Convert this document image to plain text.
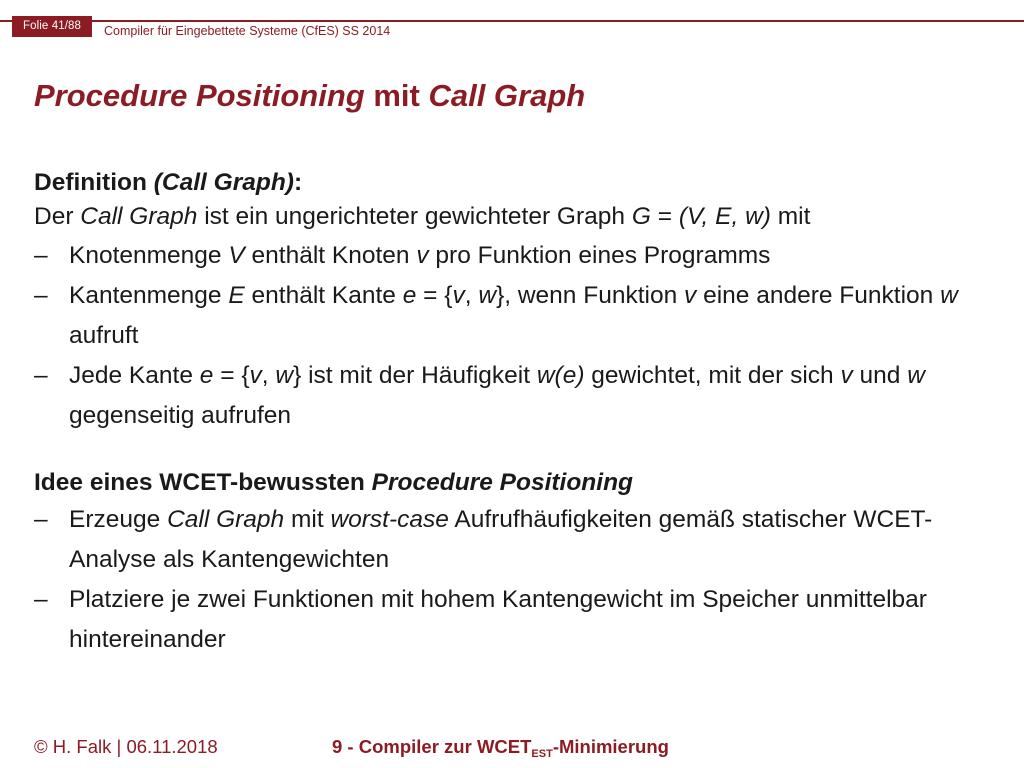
Folie 41/88	Compiler für Eingebettete Systeme (CfES) SS 2014
Procedure Positioning mit Call Graph

Definition (Call Graph):

Der Call Graph ist ein ungerichteter gewichteter Graph G = (V, E, w) mit

– Knotenmenge V enthält Knoten v pro Funktion eines Programms
– Kantenmenge E enthält Kante e = {v, w}, wenn Funktion v eine andere Funktion w aufruft
– Jede Kante e = {v, w} ist mit der Häufigkeit w(e) gewichtet, mit der sich v und w gegenseitig aufrufen

Idee eines WCET-bewussten Procedure Positioning

– Erzeuge Call Graph mit worst-case Aufrufhäufigkeiten gemäß statischer WCET-Analyse als Kantengewichten
– Platziere je zwei Funktionen mit hohem Kantengewicht im Speicher unmittelbar hintereinander
© H. Falk | 06.11.2018	9 - Compiler zur $WCET_{EST}$-Minimierung
